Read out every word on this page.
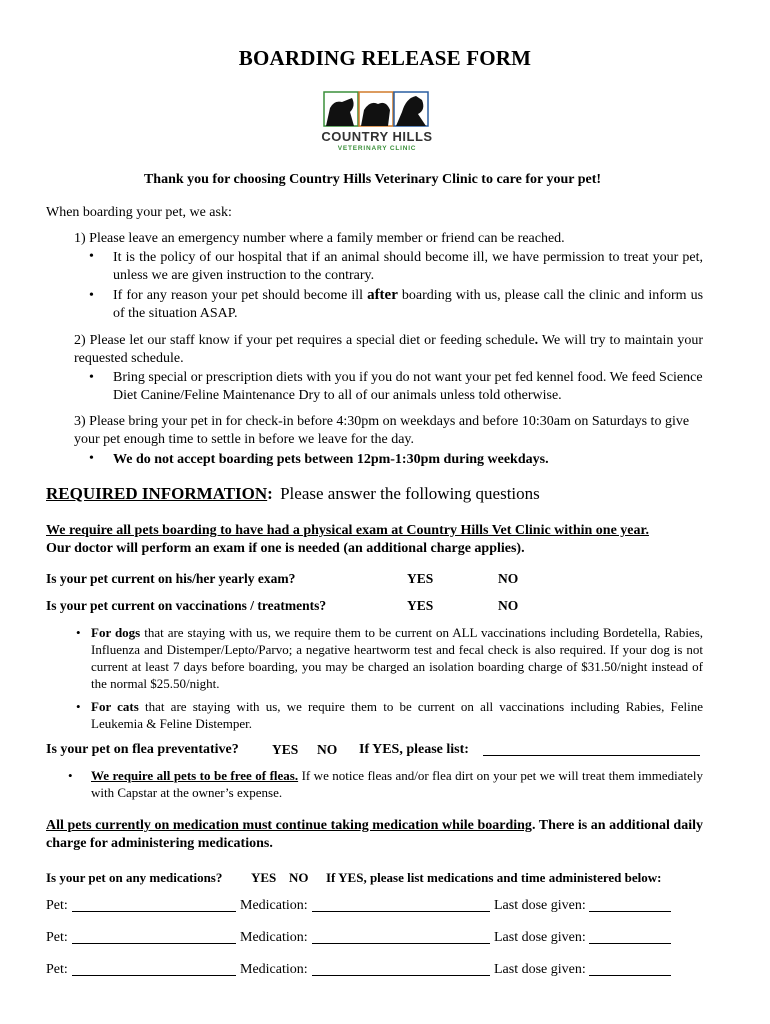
BOARDING RELEASE FORM
COUNTRY HILLS
VETERINARY CLINIC
Thank you for choosing Country Hills Veterinary Clinic to care for your pet!
When boarding your pet, we ask:
1) Please leave an emergency number where a family member or friend can be reached.
• It is the policy of our hospital that if an animal should become ill, we have permission to treat your pet, unless we are given instruction to the contrary.
• If for any reason your pet should become ill after boarding with us, please call the clinic and inform us of the situation ASAP.
2) Please let our staff know if your pet requires a special diet or feeding schedule. We will try to maintain your requested schedule.
• Bring special or prescription diets with you if you do not want your pet fed kennel food. We feed Science Diet Canine/Feline Maintenance Dry to all of our animals unless told otherwise.
3) Please bring your pet in for check-in before 4:30pm on weekdays and before 10:30am on Saturdays to give your pet enough time to settle in before we leave for the day.
• We do not accept boarding pets between 12pm-1:30pm during weekdays.
REQUIRED INFORMATION: Please answer the following questions
We require all pets boarding to have had a physical exam at Country Hills Vet Clinic within one year.
Our doctor will perform an exam if one is needed (an additional charge applies).
Is your pet current on his/her yearly exam?	YES	NO
Is your pet current on vaccinations / treatments?	YES	NO
• For dogs that are staying with us, we require them to be current on ALL vaccinations including Bordetella, Rabies, Influenza and Distemper/Lepto/Parvo; a negative heartworm test and fecal check is also required. If your dog is not current at least 7 days before boarding, you may be charged an isolation boarding charge of $31.50/night instead of the normal $25.50/night.
• For cats that are staying with us, we require them to be current on all vaccinations including Rabies, Feline Leukemia & Feline Distemper.
Is your pet on flea preventative? YES NO If YES, please list:
• We require all pets to be free of fleas. If we notice fleas and/or flea dirt on your pet we will treat them immediately with Capstar at the owner’s expense.
All pets currently on medication must continue taking medication while boarding. There is an additional daily charge for administering medications.
Is your pet on any medications? YES NO If YES, please list medications and time administered below:
Pet:	Medication:	Last dose given:
Pet:	Medication:	Last dose given:
Pet:	Medication:	Last dose given:
